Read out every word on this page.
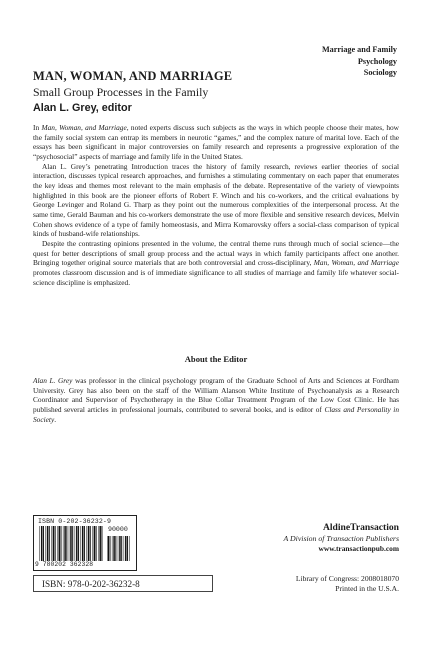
Marriage and Family
Psychology
Sociology
MAN, WOMAN, AND MARRIAGE
Small Group Processes in the Family
Alan L. Grey, editor

In Man, Woman, and Marriage, noted experts discuss such subjects as the ways in which people choose their mates, how the family social system can entrap its members in neurotic “games,” and the complex nature of marital love. Each of the essays has been significant in major controversies on family research and represents a progressive exploration of the “psychosocial” aspects of marriage and family life in the United States.

Alan L. Grey’s penetrating Introduction traces the history of family research, reviews earlier theories of social interaction, discusses typical research approaches, and furnishes a stimulating commentary on each paper that enumerates the key ideas and themes most relevant to the main emphasis of the debate. Representative of the variety of viewpoints highlighted in this book are the pioneer efforts of Robert F. Winch and his co-workers, and the critical evaluations by George Levinger and Roland G. Tharp as they point out the numerous complexities of the interpersonal process. At the same time, Gerald Bauman and his co-workers demonstrate the use of more flexible and sensitive research devices, Melvin Cohen shows evidence of a type of family homeostasis, and Mirra Komarovsky offers a social-class comparison of typical kinds of husband-wife relationships.

Despite the contrasting opinions presented in the volume, the central theme runs through much of social science—the quest for better descriptions of small group process and the actual ways in which family participants affect one another. Bringing together original source materials that are both controversial and cross-disciplinary, Man, Woman, and Marriage promotes classroom discussion and is of immediate significance to all studies of marriage and family life whatever social-science discipline is emphasized.

About the Editor

Alan L. Grey was professor in the clinical psychology program of the Graduate School of Arts and Sciences at Fordham University. Grey has also been on the staff of the William Alanson White Institute of Psychoanalysis as a Research Coordinator and Supervisor of Psychotherapy in the Blue Collar Treatment Program of the Low Cost Clinic. He has published several articles in professional journals, contributed to several books, and is editor of Class and Personality in Society.

ISBN 0-202-36232-9
90000
9 780202 362328
ISBN: 978-0-202-36232-8
AldineTransaction
A Division of Transaction Publishers
www.transactionpub.com
Library of Congress: 2008018070
Printed in the U.S.A.
